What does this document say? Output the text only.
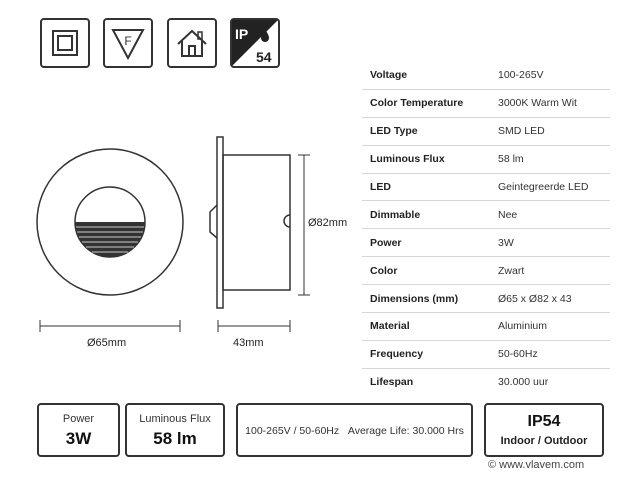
F	IP
54
Ø65mm	43mm
Ø82mm
Voltage	100-265V
Color Temperature	3000K Warm Wit
LED Type	SMD LED
Luminous Flux	58 lm
LED	Geintegreerde LED
Dimmable	Nee
Power	3W
Color	Zwart
Dimensions (mm)	Ø65 x Ø82 x 43
Material	Aluminium
Frequency	50-60Hz
Lifespan	30.000 uur
Power
3W
Luminous Flux
58 lm	100-265V / 50-60Hz Average Life: 30.000 Hrs
IP54
Indoor / Outdoor
© www.vlavem.com
